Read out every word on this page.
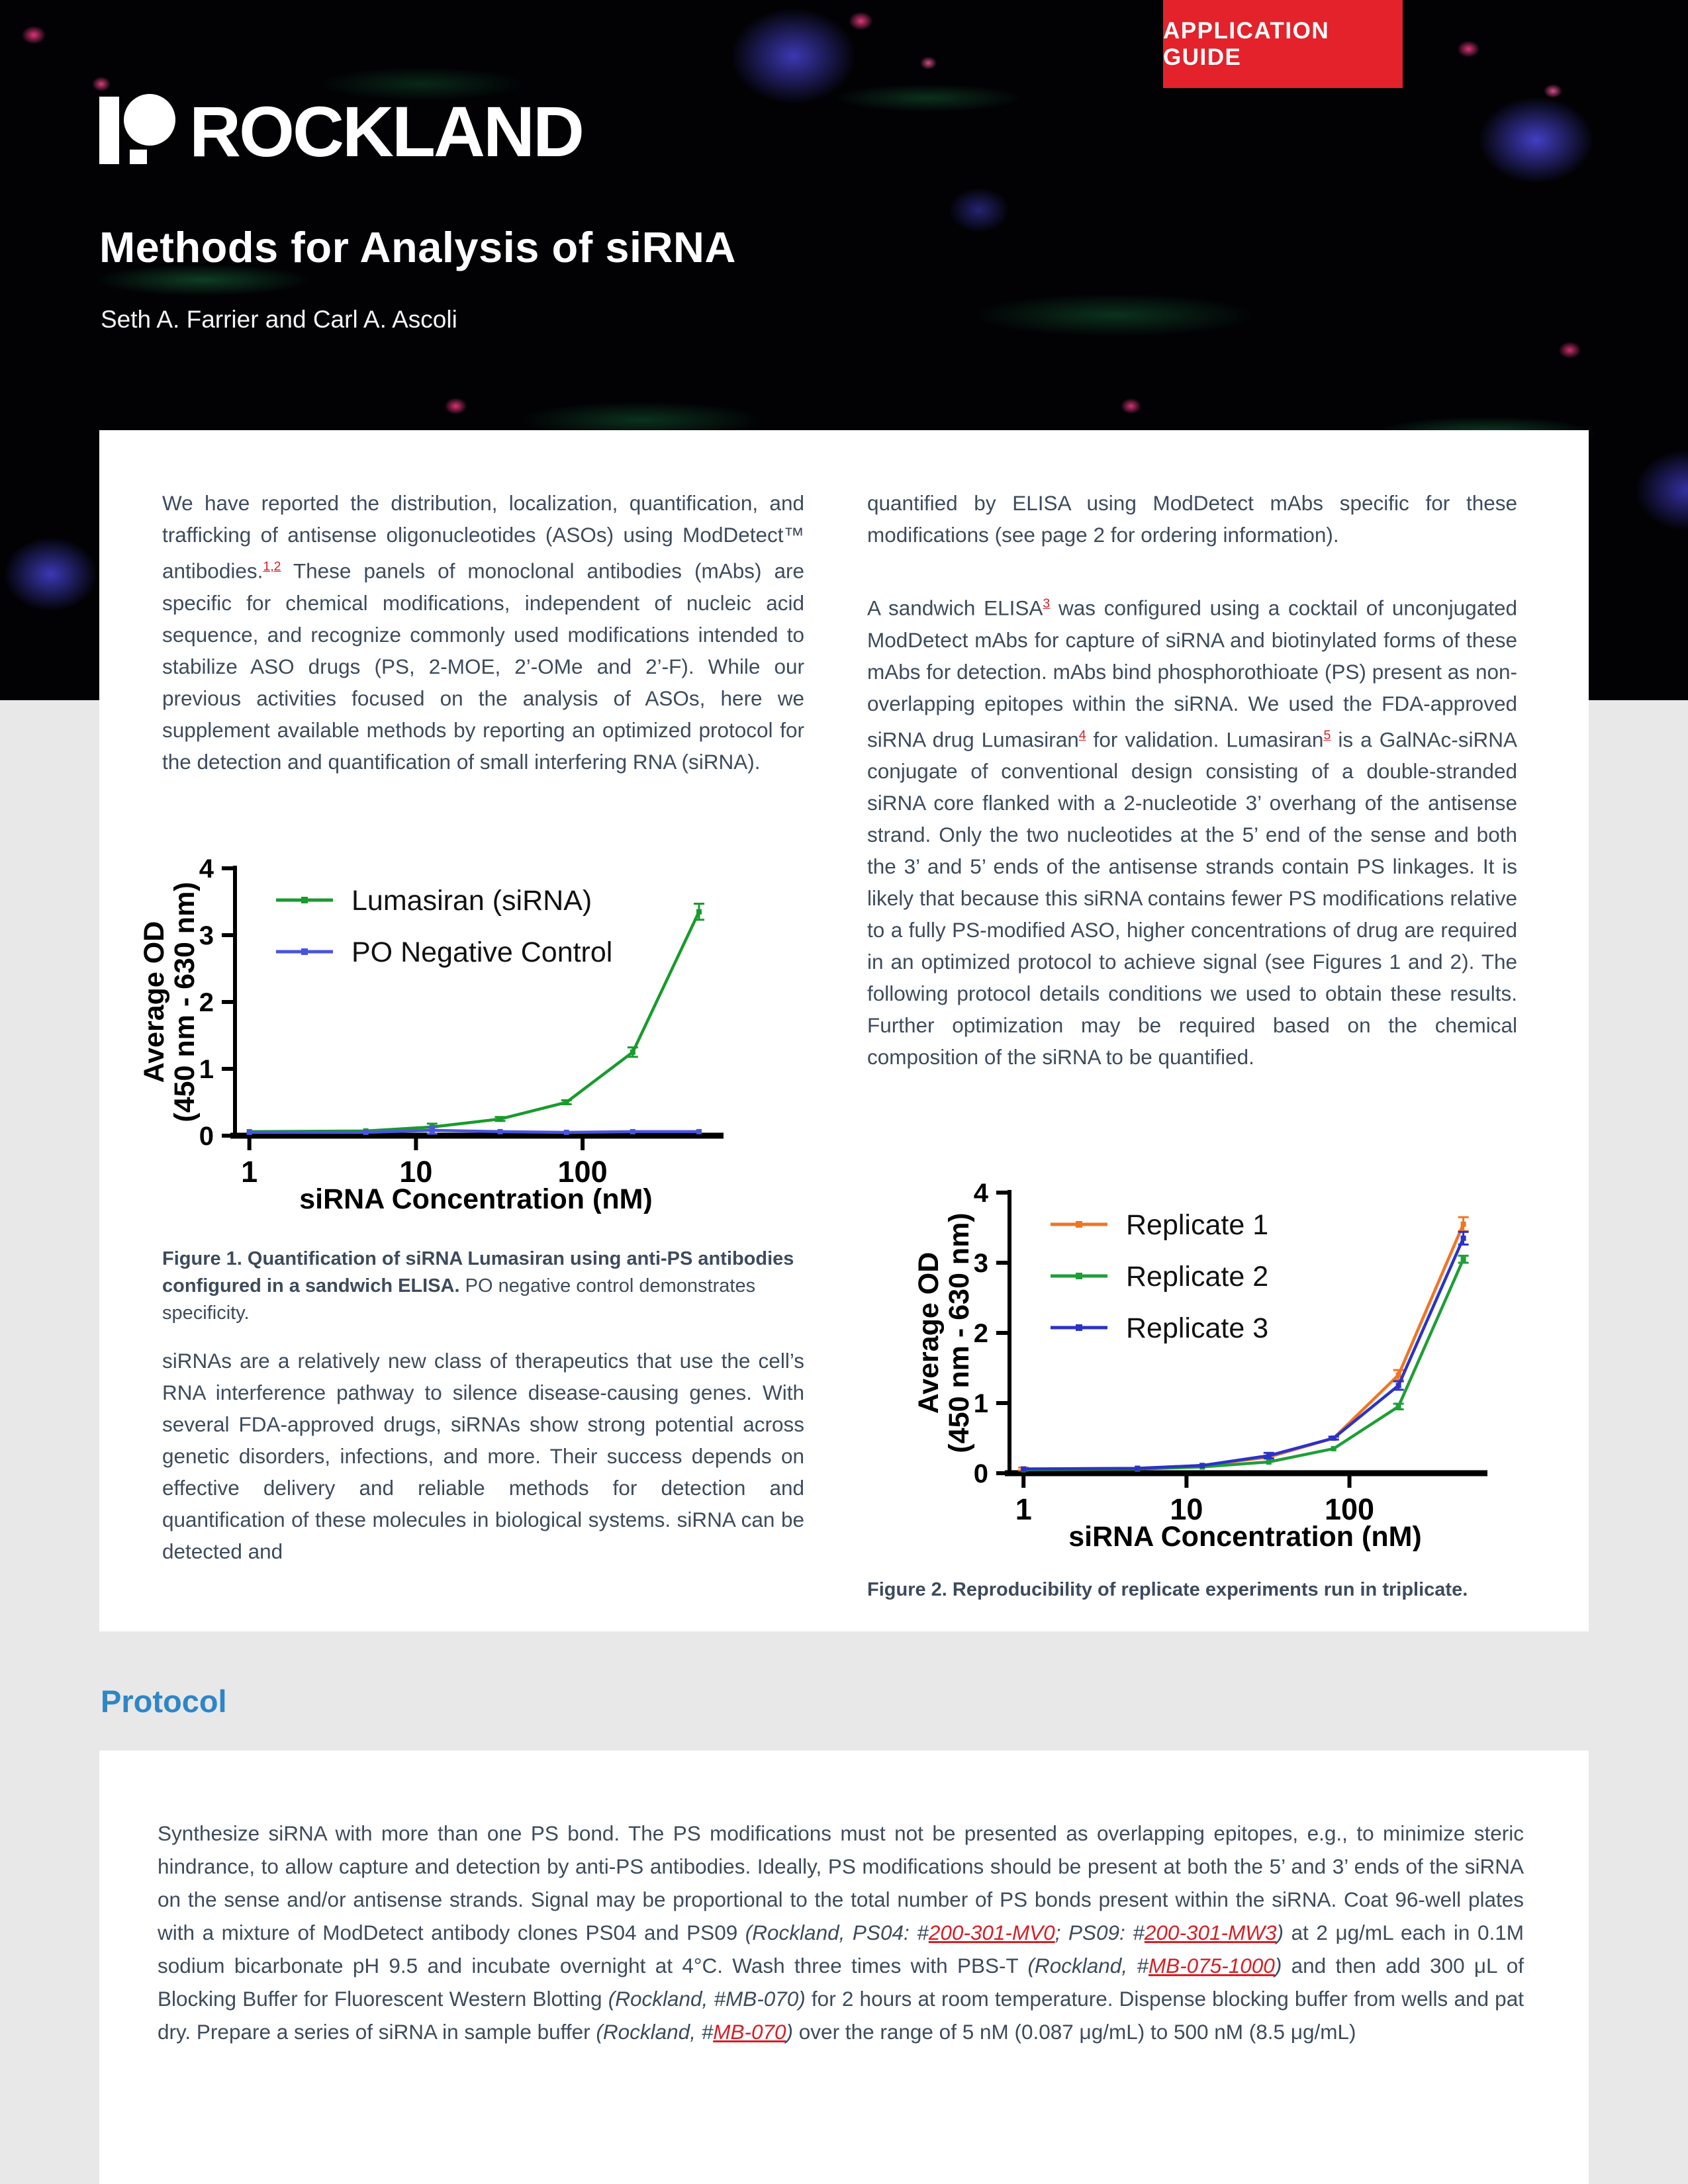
APPLICATION GUIDE
ROCKLAND
Methods for Analysis of siRNA
Seth A. Farrier and Carl A. Ascoli

We have reported the distribution, localization, quantification, and trafficking of antisense oligonucleotides (ASOs) using ModDetect™ antibodies.$^{1,2}$ These panels of monoclonal antibodies (mAbs) are specific for chemical modifications, independent of nucleic acid sequence, and recognize commonly used modifications intended to stabilize ASO drugs (PS, 2-MOE, 2’-OMe and 2’-F). While our previous activities focused on the analysis of ASOs, here we supplement available methods by reporting an optimized protocol for the detection and quantification of small interfering RNA (siRNA).

0
1
2
3
4
1	10	100
siRNA Concentration (nM)
Average OD
(450 nm - 630 nm)	Lumasiran (siRNA)
PO Negative Control
Figure 1. Quantification of siRNA Lumasiran using anti-PS antibodies configured in a sandwich ELISA. PO negative control demonstrates specificity.

siRNAs are a relatively new class of therapeutics that use the cell’s RNA interference pathway to silence disease-causing genes. With several FDA-approved drugs, siRNAs show strong potential across genetic disorders, infections, and more. Their success depends on effective delivery and reliable methods for detection and quantification of these molecules in biological systems. siRNA can be detected and

quantified by ELISA using ModDetect mAbs specific for these modifications (see page 2 for ordering information).

A sandwich ELISA$^3$ was configured using a cocktail of unconjugated ModDetect mAbs for capture of siRNA and biotinylated forms of these mAbs for detection. mAbs bind phosphorothioate (PS) present as non-overlapping epitopes within the siRNA. We used the FDA-approved siRNA drug Lumasiran$^4$ for validation. Lumasiran$^5$ is a GalNAc-siRNA conjugate of conventional design consisting of a double-stranded siRNA core flanked with a 2-nucleotide 3’ overhang of the antisense strand. Only the two nucleotides at the 5’ end of the sense and both the 3’ and 5’ ends of the antisense strands contain PS linkages. It is likely that because this siRNA contains fewer PS modifications relative to a fully PS-modified ASO, higher concentrations of drug are required in an optimized protocol to achieve signal (see Figures 1 and 2). The following protocol details conditions we used to obtain these results. Further optimization may be required based on the chemical composition of the siRNA to be quantified.

0
1
2
3
4
1	10	100
siRNA Concentration (nM)
Average OD
(450 nm - 630 nm)	Replicate 1
Replicate 2
Replicate 3
Figure 2. Reproducibility of replicate experiments run in triplicate.
Protocol

Synthesize siRNA with more than one PS bond. The PS modifications must not be presented as overlapping epitopes, e.g., to minimize steric hindrance, to allow capture and detection by anti-PS antibodies. Ideally, PS modifications should be present at both the 5’ and 3’ ends of the siRNA on the sense and/or antisense strands. Signal may be proportional to the total number of PS bonds present within the siRNA. Coat 96-well plates with a mixture of ModDetect antibody clones PS04 and PS09 (Rockland, PS04: #200-301-MV0; PS09: #200-301-MW3) at 2 μg/mL each in 0.1M sodium bicarbonate pH 9.5 and incubate overnight at 4°C. Wash three times with PBS-T (Rockland, #MB-075-1000) and then add 300 μL of Blocking Buffer for Fluorescent Western Blotting (Rockland, #MB-070) for 2 hours at room temperature. Dispense blocking buffer from wells and pat dry. Prepare a series of siRNA in sample buffer (Rockland, #MB-070) over the range of 5 nM (0.087 μg/mL) to 500 nM (8.5 μg/mL)
